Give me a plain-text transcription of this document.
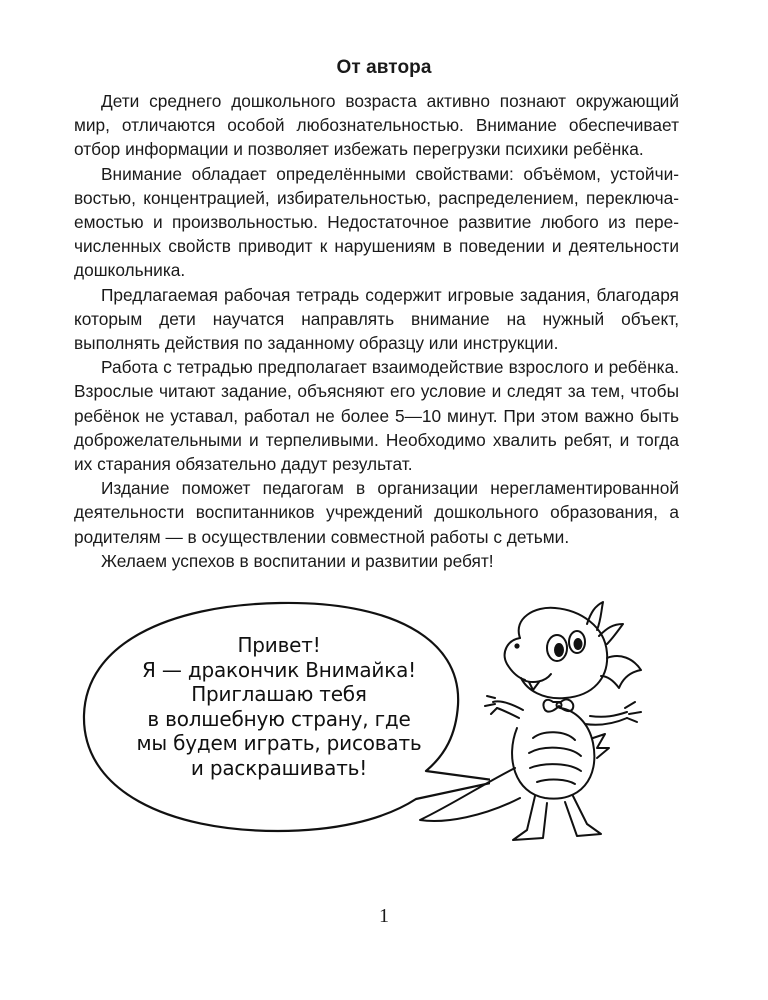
От автора

Дети среднего дошкольного возраста активно познают окружающий мир, отличаются особой любознательностью. Внимание обеспечивает отбор информации и позволяет избежать перегрузки психики ребёнка.

Внимание обладает определёнными свойствами: объёмом, устойчивостью, концентрацией, избирательностью, распределением, переключаемостью и произвольностью. Недостаточное развитие любого из перечисленных свойств приводит к нарушениям в поведении и деятельности дошкольника.

Предлагаемая рабочая тетрадь содержит игровые задания, благодаря которым дети научатся направлять внимание на нужный объект, выполнять действия по заданному образцу или инструкции.

Работа с тетрадью предполагает взаимодействие взрослого и ребёнка. Взрослые читают задание, объясняют его условие и следят за тем, чтобы ребёнок не уставал, работал не более 5—10 минут. При этом важно быть доброжелательными и терпеливыми. Необходимо хвалить ребят, и тогда их старания обязательно дадут результат.

Издание поможет педагогам в организации нерегламентированной деятельности воспитанников учреждений дошкольного образования, а родителям — в осуществлении совместной работы с детьми.

Желаем успехов в воспитании и развитии ребят!

Привет!
Я — дракончик Внимайка!
Приглашаю тебя
в волшебную страну, где
мы будем играть, рисовать
и раскрашивать!
1
